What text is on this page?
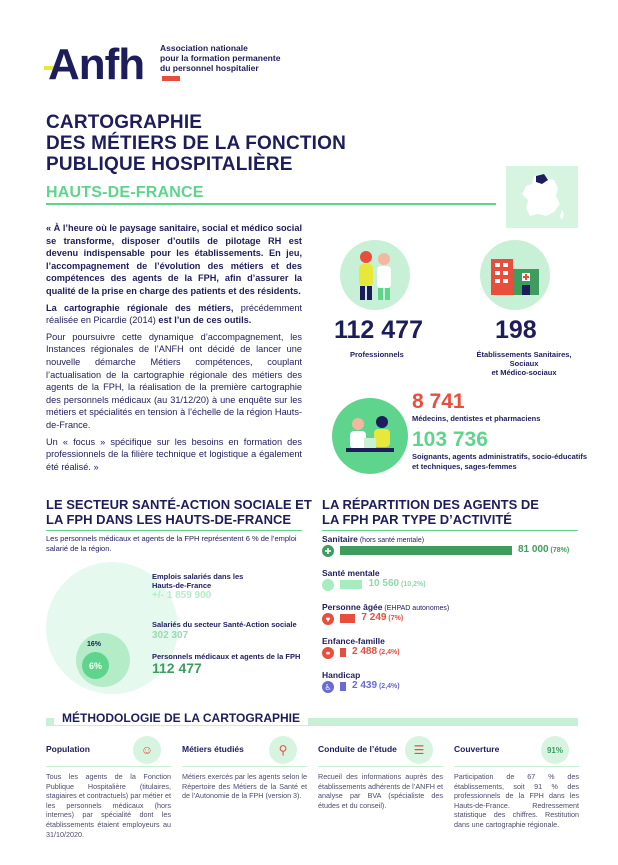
Anfh Association nationale
pour la formation permanente
du personnel hospitalier
CARTOGRAPHIE
DES MÉTIERS DE LA FONCTION
PUBLIQUE HOSPITALIÈRE
HAUTS-DE-FRANCE

« À l’heure où le paysage sanitaire, social et médico social se transforme, disposer d’outils de pilotage RH est devenu indispensable pour les établissements. En jeu, l’accompagnement de l’évolution des métiers et des compétences des agents de la FPH, afin d’assurer la qualité de la prise en charge des patients et des résidents.

La cartographie régionale des métiers, précédemment réalisée en Picardie (2014) est l’un de ces outils.

Pour poursuivre cette dynamique d’accompagnement, les Instances régionales de l’ANFH ont décidé de lancer une nouvelle démarche Métiers compétences, couplant l’actualisation de la cartographie régionale des métiers des agents de la FPH, la réalisation de la première cartographie des personnels médicaux (au 31/12/20) à une enquête sur les métiers et spécialités en tension à l’échelle de la région Hauts-de-France.

Un « focus » spécifique sur les besoins en formation des professionnels de la filière technique et logistique a également été réalisé. »

112 477
Professionnels
198
Établissements Sanitaires, Sociaux
et Médico-sociaux
8 741
Médecins, dentistes et pharmaciens
103 736
Soignants, agents administratifs, socio-éducatifs et techniques, sages-femmes
LE SECTEUR SANTÉ-ACTION SOCIALE ET
LA FPH DANS LES HAUTS-DE-FRANCE
Les personnels médicaux et agents de la FPH représentent 6 % de l’emploi salarié de la région.
6%
16%
Emplois salariés dans les Hauts-de-France
+/- 1 859 900
Salariés du secteur Santé-Action sociale
302 307
Personnels médicaux et agents de la FPH
112 477
LA RÉPARTITION DES AGENTS DE
LA FPH PAR TYPE D’ACTIVITÉ
Sanitaire (hors santé mentale)
✚	81 000 (78%)
Santé mentale
10 560 (10,2%)
Personne âgée (EHPAD autonomes)
♥	7 249 (7%)
Enfance-famille
⚭ 2 488 (2,4%)
Handicap
♿ 2 439 (2,4%)
MÉTHODOLOGIE DE LA CARTOGRAPHIE
Population	☺
Tous les agents de la Fonction Publique Hospitalière (titulaires, stagiaires et contractuels) par métier et les personnels médicaux (hors internes) par spécialité dont les établissements étaient employeurs au 31/10/2020.
Métiers étudiés	⚲
Métiers exercés par les agents selon le Répertoire des Métiers de la Santé et de l’Autonomie de la FPH (version 3).
Conduite de l’étude	☰
Recueil des informations auprès des établissements adhérents de l’ANFH et analyse par BVA (spécialiste des études et du conseil).
Couverture	91%
Participation de 67 % des établissements, soit 91 % des professionnels de la FPH dans les Hauts-de-France. Redressement statistique des chiffres. Restitution dans une cartographie régionale.
